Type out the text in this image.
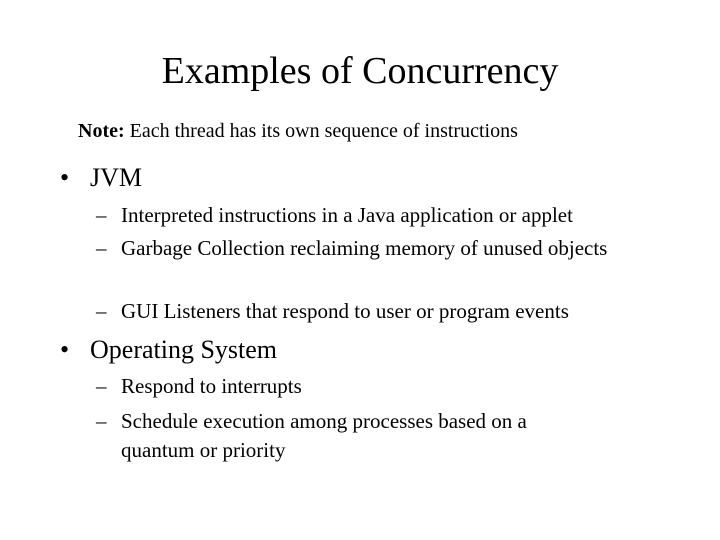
Examples of Concurrency
Note: Each thread has its own sequence of instructions
• JVM
– Interpreted instructions in a Java application or applet
– Garbage Collection reclaiming memory of unused objects
– GUI Listeners that respond to user or program events
• Operating System
– Respond to interrupts
– Schedule execution among processes based on a quantum or priority
